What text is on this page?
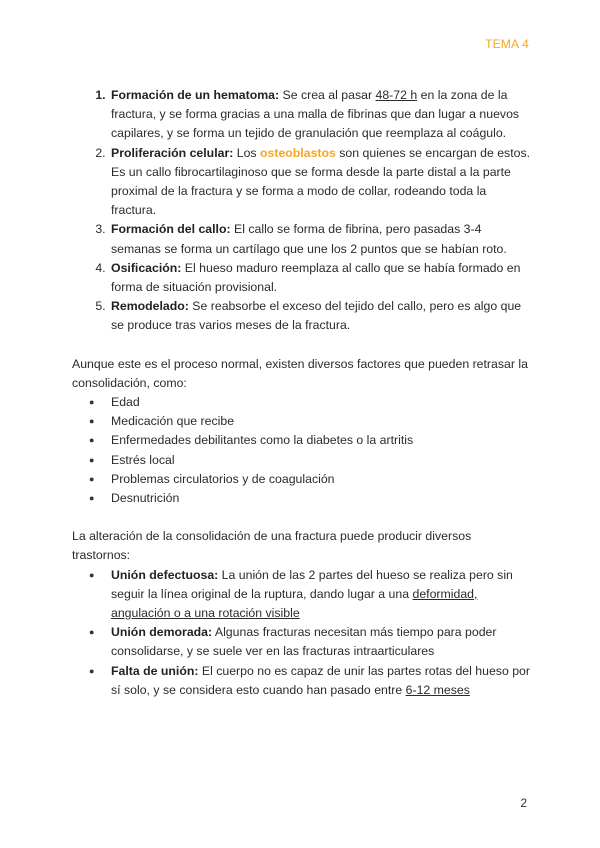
TEMA 4
1. Formación de un hematoma: Se crea al pasar 48-72 h en la zona de la fractura, y se forma gracias a una malla de fibrinas que dan lugar a nuevos capilares, y se forma un tejido de granulación que reemplaza al coágulo.
2. Proliferación celular: Los osteoblastos son quienes se encargan de estos. Es un callo fibrocartilaginoso que se forma desde la parte distal a la parte proximal de la fractura y se forma a modo de collar, rodeando toda la fractura.
3. Formación del callo: El callo se forma de fibrina, pero pasadas 3-4 semanas se forma un cartílago que une los 2 puntos que se habían roto.
4. Osificación: El hueso maduro reemplaza al callo que se había formado en forma de situación provisional.
5. Remodelado: Se reabsorbe el exceso del tejido del callo, pero es algo que se produce tras varios meses de la fractura.

Aunque este es el proceso normal, existen diversos factores que pueden retrasar la consolidación, como:

● Edad
● Medicación que recibe
● Enfermedades debilitantes como la diabetes o la artritis
● Estrés local
● Problemas circulatorios y de coagulación
● Desnutrición

La alteración de la consolidación de una fractura puede producir diversos trastornos:

● Unión defectuosa: La unión de las 2 partes del hueso se realiza pero sin seguir la línea original de la ruptura, dando lugar a una deformidad, angulación o a una rotación visible
● Unión demorada: Algunas fracturas necesitan más tiempo para poder consolidarse, y se suele ver en las fracturas intraarticulares
● Falta de unión: El cuerpo no es capaz de unir las partes rotas del hueso por sí solo, y se considera esto cuando han pasado entre 6-12 meses
2
